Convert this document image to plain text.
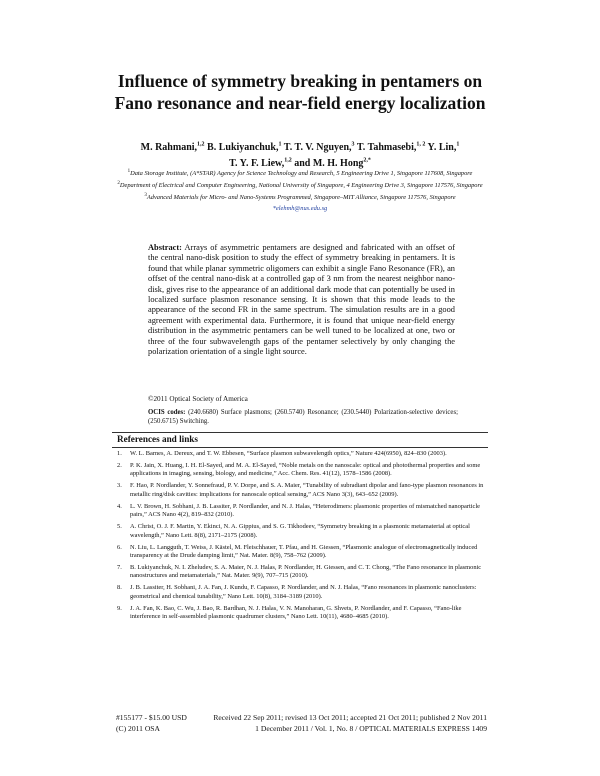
Influence of symmetry breaking in pentamers on Fano resonance and near-field energy localization
M. Rahmani,$^{1,2}$ B. Lukiyanchuk,$^1$ T. T. V. Nguyen,$^3$ T. Tahmasebi,$^{1, 2}$ Y. Lin,$^1$
T. Y. F. Liew,$^{1,2}$ and M. H. Hong$^{2,*}$
$^1$Data Storage Institute, (A*STAR) Agency for Science Technology and Research, 5 Engineering Drive 1, Singapore 117608, Singapore
$^2$Department of Electrical and Computer Engineering, National University of Singapore, 4 Engineering Drive 3, Singapore 117576, Singapore
$^3$Advanced Materials for Micro- and Nano-Systems Programmed, Singapore–MIT Alliance, Singapore 117576, Singapore
*elehmh@nus.edu.sg
Abstract: Arrays of asymmetric pentamers are designed and fabricated with an offset of the central nano-disk position to study the effect of symmetry breaking in pentamers. It is found that while planar symmetric oligomers can exhibit a single Fano Resonance (FR), an offset of the central nano-disk at a controlled gap of 3 nm from the nearest neighbor nano-disk, gives rise to the appearance of an additional dark mode that can potentially be used in localized surface plasmon resonance sensing. It is shown that this mode leads to the appearance of the second FR in the same spectrum. The simulation results are in a good agreement with experimental data. Furthermore, it is found that unique near-field energy distribution in the asymmetric pentamers can be well tuned to be localized at one, two or three of the four subwavelength gaps of the pentamer selectively by only changing the polarization orientation of a single light source.
©2011 Optical Society of America
OCIS codes: (240.6680) Surface plasmons; (260.5740) Resonance; (230.5440) Polarization-selective devices; (250.6715) Switching.
References and links
1. W. L. Barnes, A. Dereux, and T. W. Ebbesen, “Surface plasmon subwavelength optics,” Nature 424(6950), 824–830 (2003).
2. P. K. Jain, X. Huang, I. H. El-Sayed, and M. A. El-Sayed, “Noble metals on the nanoscale: optical and photothermal properties and some applications in imaging, sensing, biology, and medicine,” Acc. Chem. Res. 41(12), 1578–1586 (2008).
3. F. Hao, P. Nordlander, Y. Sonnefraud, P. V. Dorpe, and S. A. Maier, “Tunability of subradiant dipolar and fano-type plasmon resonances in metallic ring/disk cavities: implications for nanoscale optical sensing,” ACS Nano 3(3), 643–652 (2009).
4. L. V. Brown, H. Sobhani, J. B. Lassiter, P. Nordlander, and N. J. Halas, “Heterodimers: plasmonic properties of mismatched nanoparticle pairs,” ACS Nano 4(2), 819–832 (2010).
5. A. Christ, O. J. F. Martin, Y. Ekinci, N. A. Gippius, and S. G. Tikhodeev, “Symmetry breaking in a plasmonic metamaterial at optical wavelength,” Nano Lett. 8(8), 2171–2175 (2008).
6. N. Liu, L. Langguth, T. Weiss, J. Kästel, M. Fleischhauer, T. Pfau, and H. Giessen, “Plasmonic analogue of electromagnetically induced transparency at the Drude damping limit,” Nat. Mater. 8(9), 758–762 (2009).
7. B. Lukiyanchuk, N. I. Zheludev, S. A. Maier, N. J. Halas, P. Nordlander, H. Giessen, and C. T. Chong, “The Fano resonance in plasmonic nanostructures and metamaterials,” Nat. Mater. 9(9), 707–715 (2010).
8. J. B. Lassiter, H. Sobhani, J. A. Fan, J. Kundu, F. Capasso, P. Nordlander, and N. J. Halas, “Fano resonances in plasmonic nanoclusters: geometrical and chemical tunability,” Nano Lett. 10(8), 3184–3189 (2010).
9. J. A. Fan, K. Bao, C. Wu, J. Bao, R. Bardhan, N. J. Halas, V. N. Manoharan, G. Shvets, P. Nordlander, and F. Capasso, “Fano-like interference in self-assembled plasmonic quadrumer clusters,” Nano Lett. 10(11), 4680–4685 (2010).
#155177 - $15.00 USD
(C) 2011 OSA
Received 22 Sep 2011; revised 13 Oct 2011; accepted 21 Oct 2011; published 2 Nov 2011
1 December 2011 / Vol. 1, No. 8 / OPTICAL MATERIALS EXPRESS 1409
